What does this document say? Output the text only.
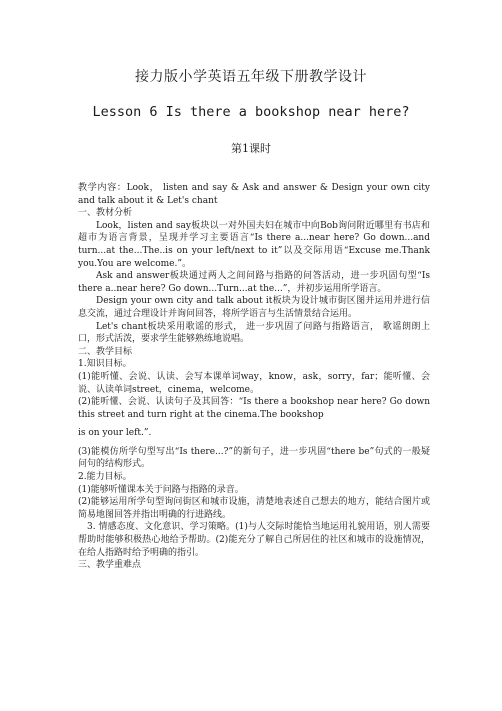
接力版小学英语五年级下册教学设计
Lesson 6 Is there a bookshop near here?
第1课时

教学内容：Look， listen and say & Ask and answer & Design your own city and talk about it & Let's chant

一、教材分析

Look，listen and say板块以一对外国夫妇在城市中向Bob询问附近哪里有书店和超市为语言背景，呈现并学习主要语言“Is there a...near here? Go down...and turn...at the...The..is on your left/next to it”以及交际用语“Excuse me.Thank you.You are welcome.”。

Ask and answer板块通过两人之间问路与指路的问答活动，进一步巩固句型“Is there a..near here? Go down...Turn...at the...”，并初步运用所学语言。

Design your own city and talk about it板块为设计城市街区图并运用并进行信息交流，通过合理设计并询问回答，将所学语言与生活情景结合运用。

Let's chant板块采用歌谣的形式， 进一步巩固了问路与指路语言， 歌谣朗朗上口，形式活泼，要求学生能够熟练地说唱。

二、教学目标

1.知识目标。

(1)能听懂、会说、认读、会写本课单词way，know，ask，sorry，far；能听懂、会说、认读单词street，cinema，welcome。

(2)能听懂、会说、认读句子及其回答：“Is there a bookshop near here? Go down this street and turn right at the cinema.The bookshop

is on your left.”.

(3)能模仿所学句型写出“Is there...?”的新句子，进一步巩固“there be”句式的一般疑问句的结构形式。

2.能力目标。

(1)能够听懂课本关于问路与指路的录音。

(2)能够运用所学句型询问街区和城市设施，清楚地表述自己想去的地方，能结合图片或简易地图回答并指出明确的行进路线。

3. 情感态度、文化意识、学习策略。(1)与人交际时能恰当地运用礼貌用语，别人需要帮助时能够积极热心地给予帮助。(2)能充分了解自己所居住的社区和城市的设施情况，在给人指路时给予明确的指引。

三、教学重难点
